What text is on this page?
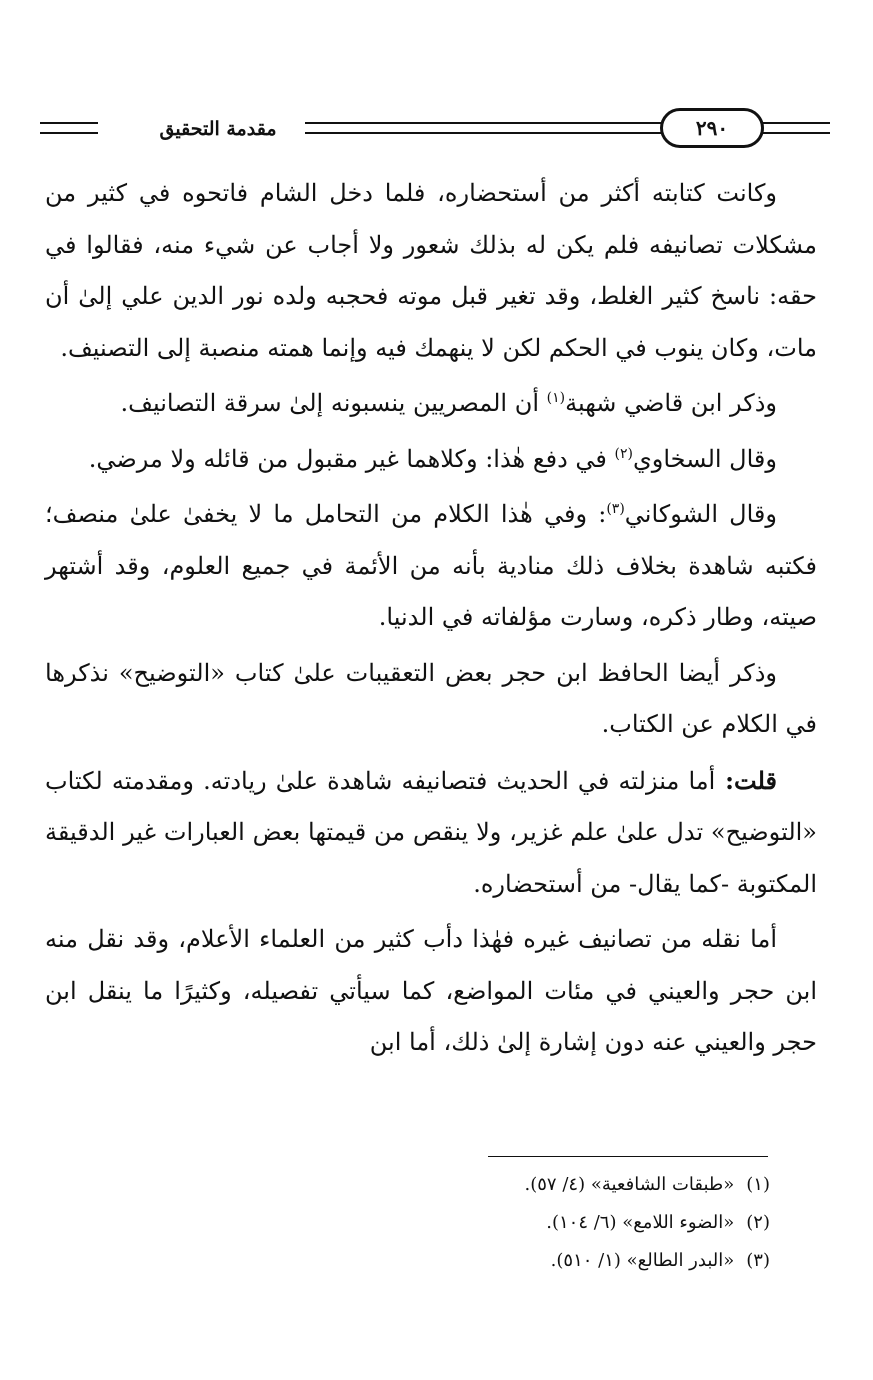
مقدمة التحقيق	٢٩٠

وكانت كتابته أكثر من أستحضاره، فلما دخل الشام فاتحوه في كثير من مشكلات تصانيفه فلم يكن له بذلك شعور ولا أجاب عن شيء منه، فقالوا في حقه: ناسخ كثير الغلط، وقد تغير قبل موته فحجبه ولده نور الدين علي إلىٰ أن مات، وكان ينوب في الحكم لكن لا ينهمك فيه وإنما همته منصبة إلى التصنيف.

وذكر ابن قاضي شهبة$^{(١)}$ أن المصريين ينسبونه إلىٰ سرقة التصانيف.

وقال السخاوي$^{(٢)}$ في دفع هٰذا: وكلاهما غير مقبول من قائله ولا مرضي.

وقال الشوكاني$^{(٣)}$: وفي هٰذا الكلام من التحامل ما لا يخفىٰ علىٰ منصف؛ فكتبه شاهدة بخلاف ذلك منادية بأنه من الأئمة في جميع العلوم، وقد أشتهر صيته، وطار ذكره، وسارت مؤلفاته في الدنيا.

وذكر أيضا الحافظ ابن حجر بعض التعقيبات علىٰ كتاب «التوضيح» نذكرها في الكلام عن الكتاب.

قلت: أما منزلته في الحديث فتصانيفه شاهدة علىٰ ريادته. ومقدمته لكتاب «التوضيح» تدل علىٰ علم غزير، ولا ينقص من قيمتها بعض العبارات غير الدقيقة المكتوبة -كما يقال- من أستحضاره.

أما نقله من تصانيف غيره فهٰذا دأب كثير من العلماء الأعلام، وقد نقل منه ابن حجر والعيني في مئات المواضع، كما سيأتي تفصيله، وكثيرًا ما ينقل ابن حجر والعيني عنه دون إشارة إلىٰ ذلك، أما ابن

(١)«طبقات الشافعية» (٤/ ٥٧).

(٢)«الضوء اللامع» (٦/ ١٠٤).

(٣)«البدر الطالع» (١/ ٥١٠).
